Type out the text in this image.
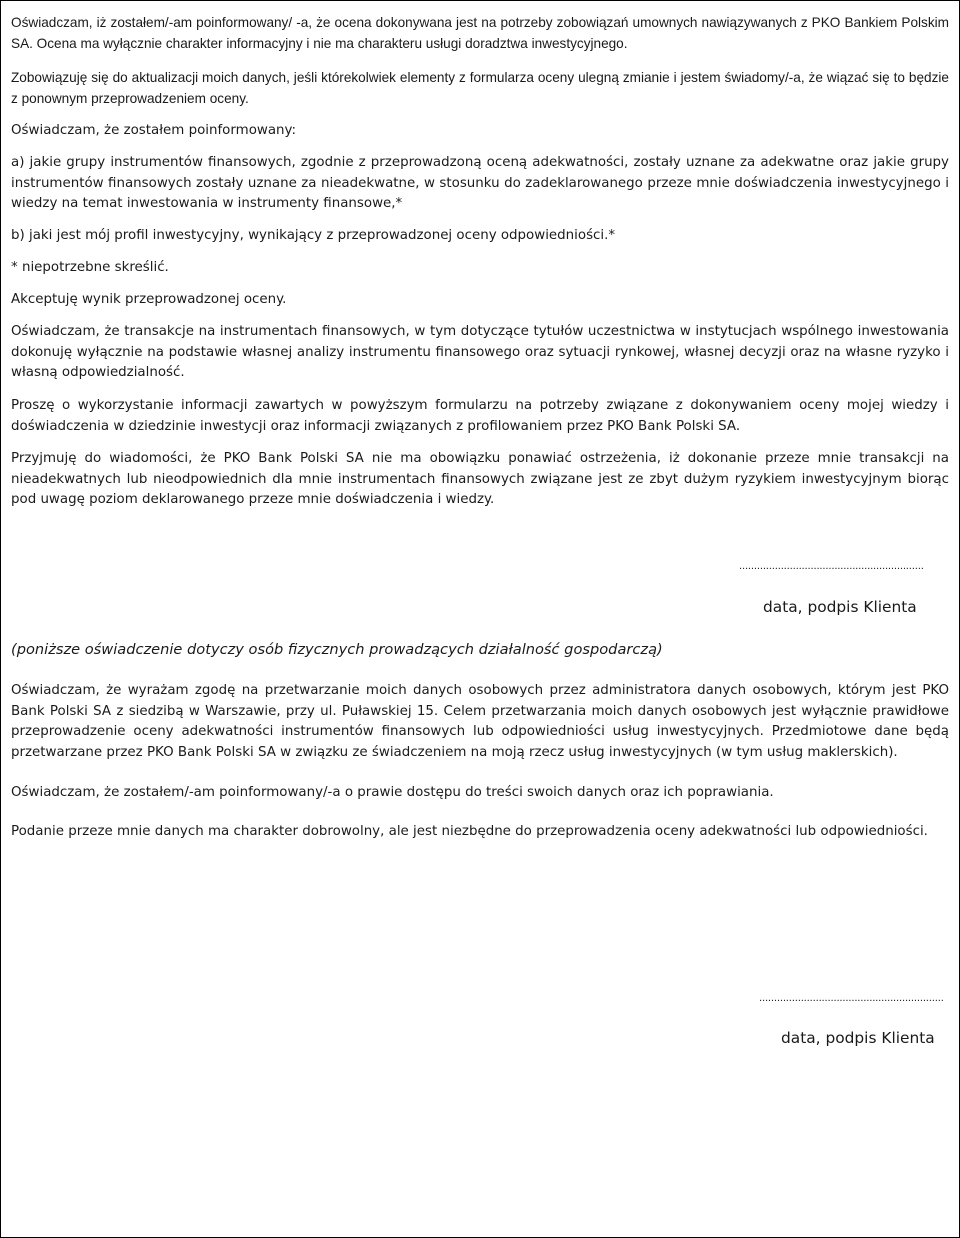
Oświadczam, iż zostałem/-am poinformowany/ -a, że ocena dokonywana jest na potrzeby zobowiązań umownych nawiązywanych z PKO Bankiem Polskim SA. Ocena ma wyłącznie charakter informacyjny i nie ma charakteru usługi doradztwa inwestycyjnego.

Zobowiązuję się do aktualizacji moich danych, jeśli którekolwiek elementy z formularza oceny ulegną zmianie i jestem świadomy/-a, że wiązać się to będzie z ponownym przeprowadzeniem oceny.

Oświadczam, że zostałem poinformowany:

a) jakie grupy instrumentów finansowych, zgodnie z przeprowadzoną oceną adekwatności, zostały uznane za adekwatne oraz jakie grupy instrumentów finansowych zostały uznane za nieadekwatne, w stosunku do zadeklarowanego przeze mnie doświadczenia inwestycyjnego i wiedzy na temat inwestowania w instrumenty finansowe,*

b) jaki jest mój profil inwestycyjny, wynikający z przeprowadzonej oceny odpowiedniości.*

* niepotrzebne skreślić.

Akceptuję wynik przeprowadzonej oceny.

Oświadczam, że transakcje na instrumentach finansowych, w tym dotyczące tytułów uczestnictwa w instytucjach wspólnego inwestowania dokonuję wyłącznie na podstawie własnej analizy instrumentu finansowego oraz sytuacji rynkowej, własnej decyzji oraz na własne ryzyko i własną odpowiedzialność.

Proszę o wykorzystanie informacji zawartych w powyższym formularzu na potrzeby związane z dokonywaniem oceny mojej wiedzy i doświadczenia w dziedzinie inwestycji oraz informacji związanych z profilowaniem przez PKO Bank Polski SA.

Przyjmuję do wiadomości, że PKO Bank Polski SA nie ma obowiązku ponawiać ostrzeżenia, iż dokonanie przeze mnie transakcji na nieadekwatnych lub nieodpowiednich dla mnie instrumentach finansowych związane jest ze zbyt dużym ryzykiem inwestycyjnym biorąc pod uwagę poziom deklarowanego przeze mnie doświadczenia i wiedzy.

..............................................................
data, podpis Klienta

(poniższe oświadczenie dotyczy osób fizycznych prowadzących działalność gospodarczą)

Oświadczam, że wyrażam zgodę na przetwarzanie moich danych osobowych przez administratora danych osobowych, którym jest PKO Bank Polski SA z siedzibą w Warszawie, przy ul. Puławskiej 15. Celem przetwarzania moich danych osobowych jest wyłącznie prawidłowe przeprowadzenie oceny adekwatności instrumentów finansowych lub odpowiedniości usług inwestycyjnych. Przedmiotowe dane będą przetwarzane przez PKO Bank Polski SA w związku ze świadczeniem na moją rzecz usług inwestycyjnych (w tym usług maklerskich).

Oświadczam, że zostałem/-am poinformowany/-a o prawie dostępu do treści swoich danych oraz ich poprawiania.

Podanie przeze mnie danych ma charakter dobrowolny, ale jest niezbędne do przeprowadzenia oceny adekwatności lub odpowiedniości.

..............................................................
data, podpis Klienta
